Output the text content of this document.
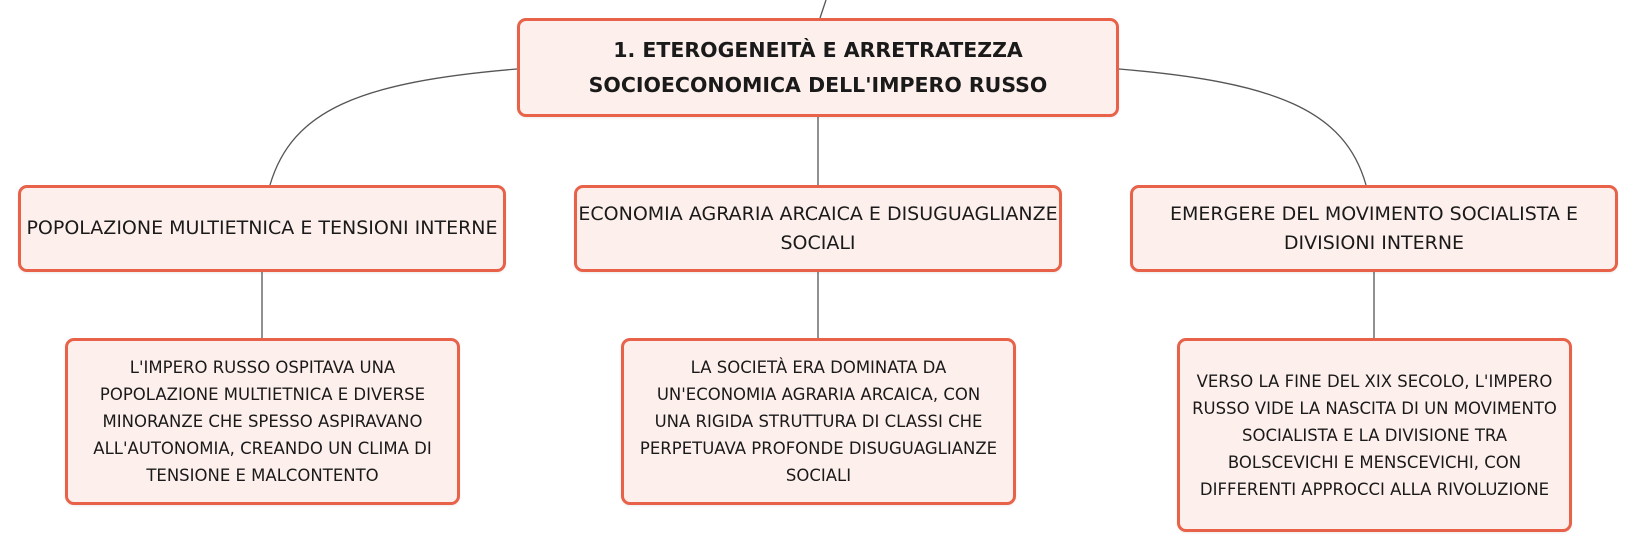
1. ETEROGENEITÀ E ARRETRATEZZA SOCIOECONOMICA DELL'IMPERO RUSSO
POPOLAZIONE MULTIETNICA E TENSIONI INTERNE
ECONOMIA AGRARIA ARCAICA E DISUGUAGLIANZE SOCIALI
EMERGERE DEL MOVIMENTO SOCIALISTA E DIVISIONI INTERNE
L'IMPERO RUSSO OSPITAVA UNA POPOLAZIONE MULTIETNICA E DIVERSE MINORANZE CHE SPESSO ASPIRAVANO ALL'AUTONOMIA, CREANDO UN CLIMA DI TENSIONE E MALCONTENTO
LA SOCIETÀ ERA DOMINATA DA UN'ECONOMIA AGRARIA ARCAICA, CON UNA RIGIDA STRUTTURA DI CLASSI CHE PERPETUAVA PROFONDE DISUGUAGLIANZE SOCIALI
VERSO LA FINE DEL XIX SECOLO, L'IMPERO RUSSO VIDE LA NASCITA DI UN MOVIMENTO SOCIALISTA E LA DIVISIONE TRA BOLSCEVICHI E MENSCEVICHI, CON DIFFERENTI APPROCCI ALLA RIVOLUZIONE
